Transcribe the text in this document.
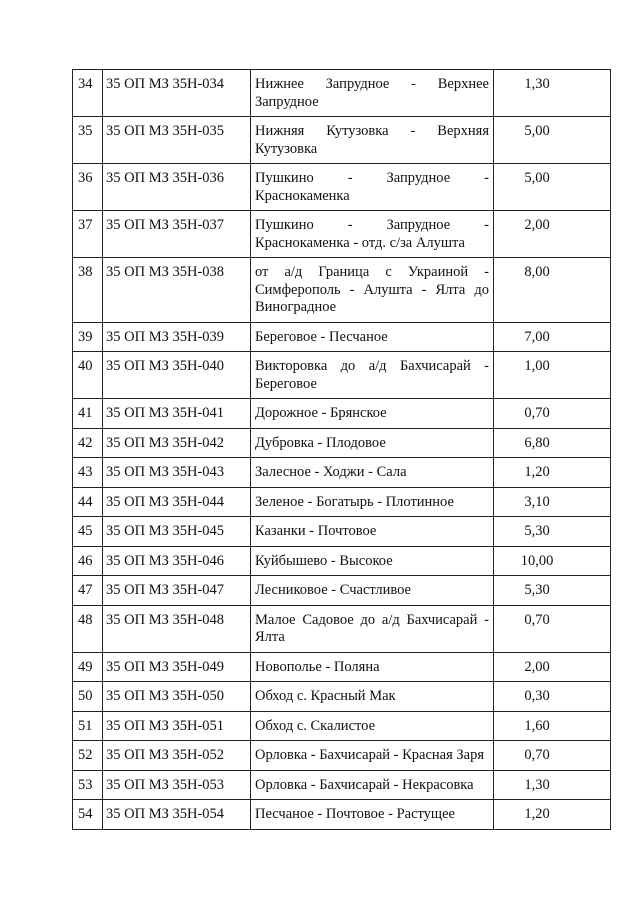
34	35 ОП МЗ 35Н-034	Нижнее Запрудное - Верхнее Запрудное	1,30
35	35 ОП МЗ 35Н-035	Нижняя Кутузовка - Верхняя Кутузовка	5,00
36	35 ОП МЗ 35Н-036	Пушкино - Запрудное - Краснокаменка	5,00
37	35 ОП МЗ 35Н-037	Пушкино - Запрудное - Краснокаменка - отд. с/за Алушта	2,00
38	35 ОП МЗ 35Н-038	от а/д Граница с Украиной - Симферополь - Алушта - Ялта до Виноградное	8,00
39	35 ОП МЗ 35Н-039	Береговое - Песчаное	7,00
40	35 ОП МЗ 35Н-040	Викторовка до а/д Бахчисарай - Береговое	1,00
41	35 ОП МЗ 35Н-041	Дорожное - Брянское	0,70
42	35 ОП МЗ 35Н-042	Дубровка - Плодовое	6,80
43	35 ОП МЗ 35Н-043	Залесное - Ходжи - Сала	1,20
44	35 ОП МЗ 35Н-044	Зеленое - Богатырь - Плотинное	3,10
45	35 ОП МЗ 35Н-045	Казанки - Почтовое	5,30
46	35 ОП МЗ 35Н-046	Куйбышево - Высокое	10,00
47	35 ОП МЗ 35Н-047	Лесниковое - Счастливое	5,30
48	35 ОП МЗ 35Н-048	Малое Садовое до а/д Бахчисарай - Ялта	0,70
49	35 ОП МЗ 35Н-049	Новополье - Поляна	2,00
50	35 ОП МЗ 35Н-050	Обход с. Красный Мак	0,30
51	35 ОП МЗ 35Н-051	Обход с. Скалистое	1,60
52	35 ОП МЗ 35Н-052	Орловка - Бахчисарай - Красная Заря	0,70
53	35 ОП МЗ 35Н-053	Орловка - Бахчисарай - Некрасовка	1,30
54	35 ОП МЗ 35Н-054	Песчаное - Почтовое - Растущее	1,20
